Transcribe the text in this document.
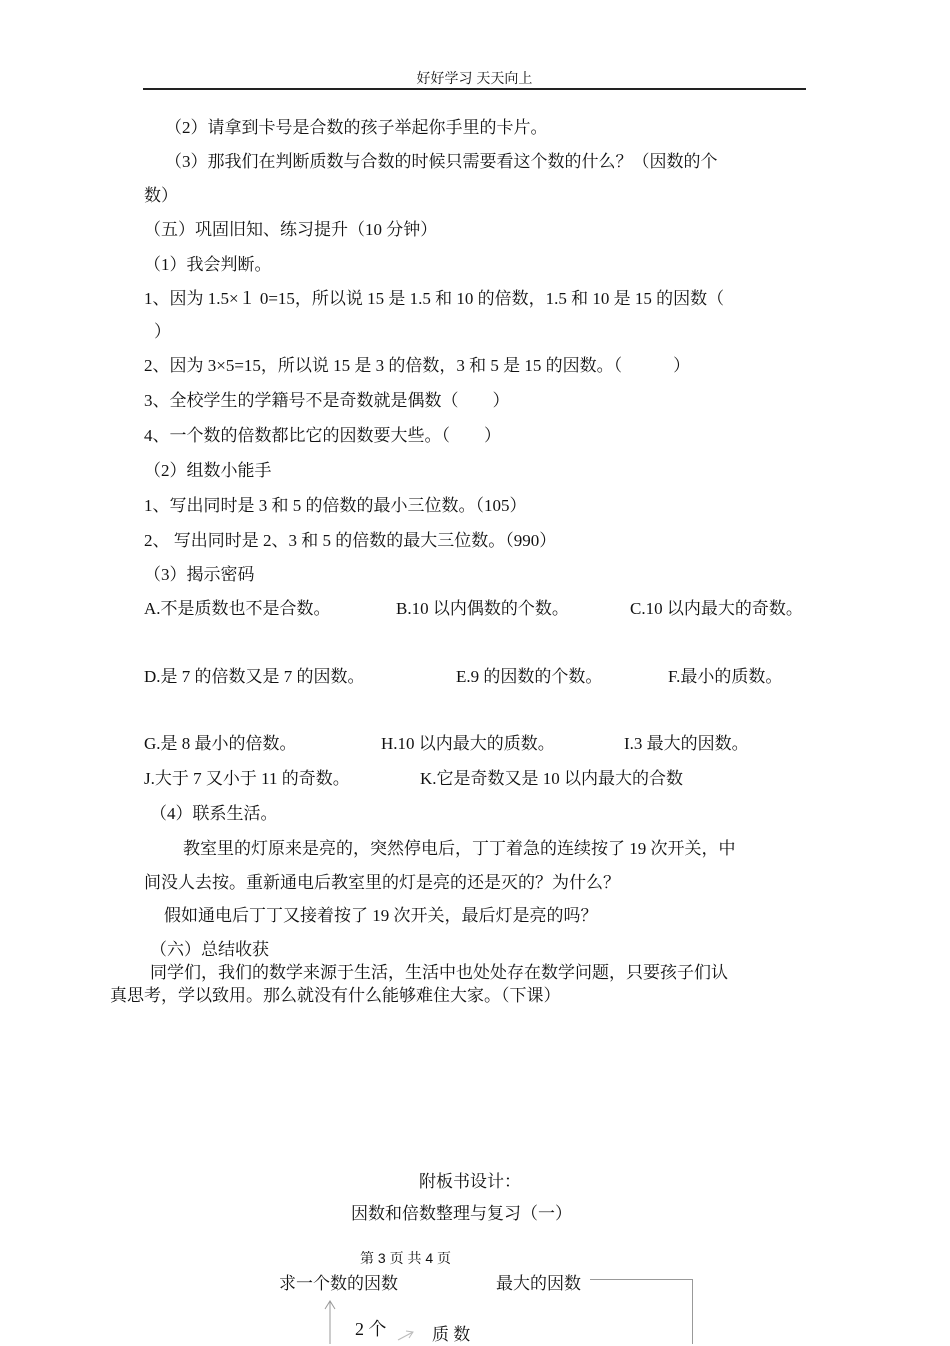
好好学习 天天向上
（2）请拿到卡号是合数的孩子举起你手里的卡片。
（3）那我们在判断质数与合数的时候只需要看这个数的什么？（因数的个
数）
（五）巩固旧知、练习提升（10 分钟）
（1）我会判断。
1、因为 1.5×１ 0=15，所以说 15 是 1.5 和 10 的倍数，1.5 和 10 是 15 的因数（
）
2、因为 3×5=15，所以说 15 是 3 的倍数，3 和 5 是 15 的因数。（　　　）
3、全校学生的学籍号不是奇数就是偶数（　　）
4、一个数的倍数都比它的因数要大些。（　　）
（2）组数小能手
1、写出同时是 3 和 5 的倍数的最小三位数。（105）
2、 写出同时是 2、3 和 5 的倍数的最大三位数。（990）
（3）揭示密码
A.不是质数也不是合数。	B.10 以内偶数的个数。	C.10 以内最大的奇数。
D.是 7 的倍数又是 7 的因数。	E.9 的因数的个数。	F.最小的质数。
G.是 8 最小的倍数。	H.10 以内最大的质数。	I.3 最大的因数。
J.大于 7 又小于 11 的奇数。	K.它是奇数又是 10 以内最大的合数
（4）联系生活。
教室里的灯原来是亮的，突然停电后，丁丁着急的连续按了 19 次开关，中
间没人去按。重新通电后教室里的灯是亮的还是灭的？为什么？
假如通电后丁丁又接着按了 19 次开关，最后灯是亮的吗？
（六）总结收获
同学们，我们的数学来源于生活，生活中也处处存在数学问题，只要孩子们认
真思考，学以致用。那么就没有什么能够难住大家。（下课）
附板书设计：
因数和倍数整理与复习（一）
第 3 页 共 4 页
求一个数的因数	最大的因数
2 个	质 数
